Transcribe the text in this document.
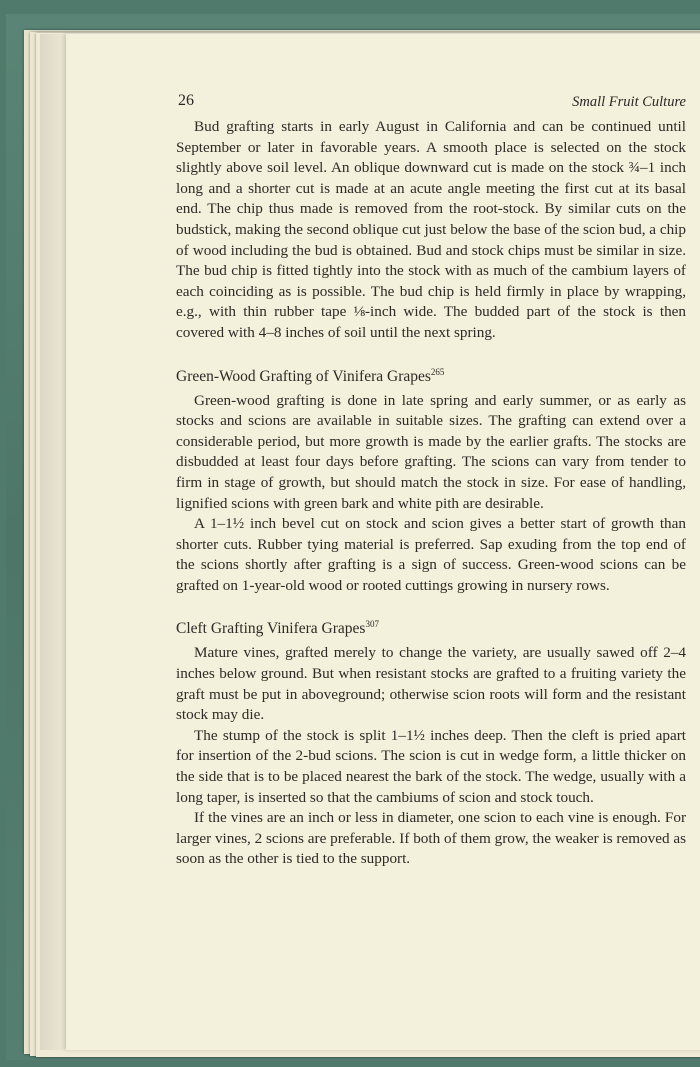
26	Small Fruit Culture

Bud grafting starts in early August in California and can be continued until September or later in favorable years. A smooth place is selected on the stock slightly above soil level. An oblique downward cut is made on the stock ¾–1 inch long and a shorter cut is made at an acute angle meeting the first cut at its basal end. The chip thus made is removed from the root-stock. By similar cuts on the budstick, making the second oblique cut just below the base of the scion bud, a chip of wood including the bud is obtained. Bud and stock chips must be similar in size. The bud chip is fitted tightly into the stock with as much of the cambium layers of each coinciding as is possible. The bud chip is held firmly in place by wrapping, e.g., with thin rubber tape ⅛-inch wide. The budded part of the stock is then covered with 4–8 inches of soil until the next spring.

Green-Wood Grafting of Vinifera Grapes$^{265}$

Green-wood grafting is done in late spring and early summer, or as early as stocks and scions are available in suitable sizes. The grafting can extend over a considerable period, but more growth is made by the earlier grafts. The stocks are disbudded at least four days before grafting. The scions can vary from tender to firm in stage of growth, but should match the stock in size. For ease of handling, lignified scions with green bark and white pith are desirable.

A 1–1½ inch bevel cut on stock and scion gives a better start of growth than shorter cuts. Rubber tying material is preferred. Sap exuding from the top end of the scions shortly after grafting is a sign of success. Green-wood scions can be grafted on 1-year-old wood or rooted cuttings growing in nursery rows.

Cleft Grafting Vinifera Grapes$^{307}$

Mature vines, grafted merely to change the variety, are usually sawed off 2–4 inches below ground. But when resistant stocks are grafted to a fruiting variety the graft must be put in aboveground; otherwise scion roots will form and the resistant stock may die.

The stump of the stock is split 1–1½ inches deep. Then the cleft is pried apart for insertion of the 2-bud scions. The scion is cut in wedge form, a little thicker on the side that is to be placed nearest the bark of the stock. The wedge, usually with a long taper, is inserted so that the cambiums of scion and stock touch.

If the vines are an inch or less in diameter, one scion to each vine is enough. For larger vines, 2 scions are preferable. If both of them grow, the weaker is removed as soon as the other is tied to the support.
